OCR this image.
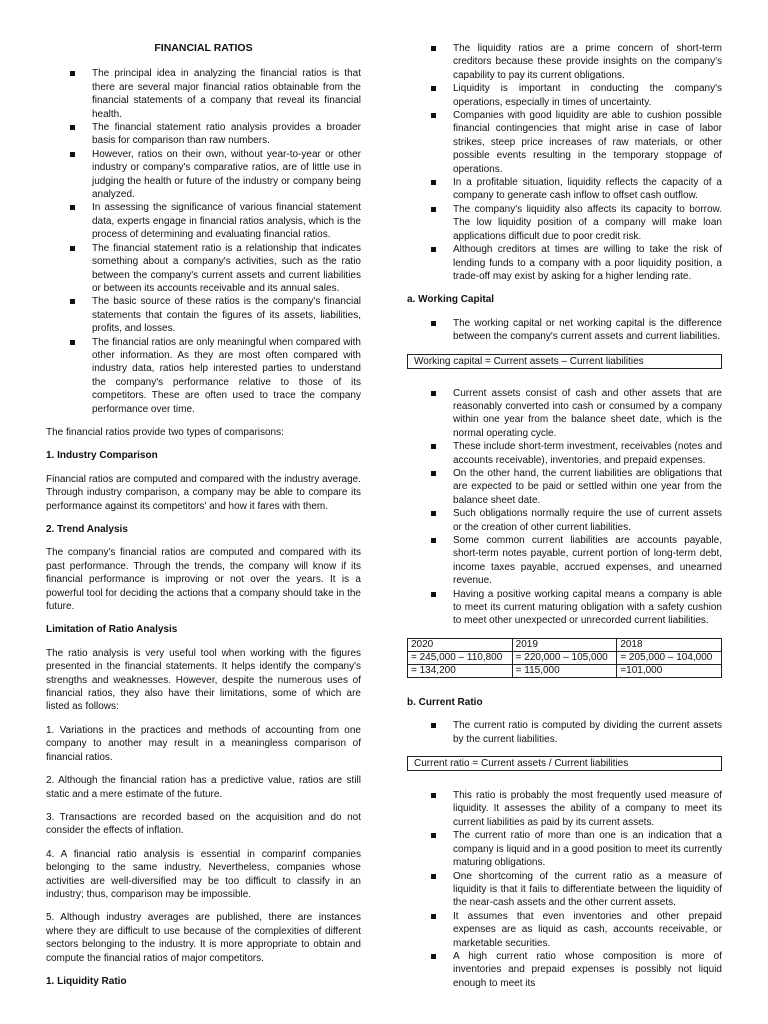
FINANCIAL RATIOS
The principal idea in analyzing the financial ratios is that there are several major financial ratios obtainable from the financial statements of a company that reveal its financial health.
The financial statement ratio analysis provides a broader basis for comparison than raw numbers.
However, ratios on their own, without year-to-year or other industry or company's comparative ratios, are of little use in judging the health or future of the industry or company being analyzed.
In assessing the significance of various financial statement data, experts engage in financial ratios analysis, which is the process of determining and evaluating financial ratios.
The financial statement ratio is a relationship that indicates something about a company's activities, such as the ratio between the company's current assets and current liabilities or between its accounts receivable and its annual sales.
The basic source of these ratios is the company's financial statements that contain the figures of its assets, liabilities, profits, and losses.
The financial ratios are only meaningful when compared with other information. As they are most often compared with industry data, ratios help interested parties to understand the company's performance relative to those of its competitors. These are often used to trace the company performance over time.

The financial ratios provide two types of comparisons:

1. Industry Comparison

Financial ratios are computed and compared with the industry average. Through industry comparison, a company may be able to compare its performance against its competitors' and how it fares with them.

2. Trend Analysis

The company's financial ratios are computed and compared with its past performance. Through the trends, the company will know if its financial performance is improving or not over the years. It is a powerful tool for deciding the actions that a company should take in the future.

Limitation of Ratio Analysis

The ratio analysis is very useful tool when working with the figures presented in the financial statements. It helps identify the company's strengths and weaknesses. However, despite the numerous uses of financial ratios, they also have their limitations, some of which are listed as follows:

1. Variations in the practices and methods of accounting from one company to another may result in a meaningless comparison of financial ratios.

2. Although the financial ration has a predictive value, ratios are still static and a mere estimate of the future.

3. Transactions are recorded based on the acquisition and do not consider the effects of inflation.

4. A financial ratio analysis is essential in comparinf companies belonging to the same industry. Nevertheless, companies whose activities are well-diversified may be too difficult to classify in an industry; thus, comparison may be impossible.

5. Although industry averages are published, there are instances where they are difficult to use because of the complexities of different sectors belonging to the industry. It is more appropriate to obtain and compute the financial ratios of major competitors.

1. Liquidity Ratio
The liquidity ratios are a prime concern of short-term creditors because these provide insights on the company's capability to pay its current obligations.
Liquidity is important in conducting the company's operations, especially in times of uncertainty.
Companies with good liquidity are able to cushion possible financial contingencies that might arise in case of labor strikes, steep price increases of raw materials, or other possible events resulting in the temporary stoppage of operations.
In a profitable situation, liquidity reflects the capacity of a company to generate cash inflow to offset cash outflow.
The company's liquidity also affects its capacity to borrow. The low liquidity position of a company will make loan applications difficult due to poor credit risk.
Although creditors at times are willing to take the risk of lending funds to a company with a poor liquidity position, a trade-off may exist by asking for a higher lending rate.
a. Working Capital
The working capital or net working capital is the difference between the company's current assets and current liabilities.
Working capital = Current assets – Current liabilities
Current assets consist of cash and other assets that are reasonably converted into cash or consumed by a company within one year from the balance sheet date, which is the normal operating cycle.
These include short-term investment, receivables (notes and accounts receivable), inventories, and prepaid expenses.
On the other hand, the current liabilities are obligations that are expected to be paid or settled within one year from the balance sheet date.
Such obligations normally require the use of current assets or the creation of other current liabilities.
Some common current liabilities are accounts payable, short-term notes payable, current portion of long-term debt, income taxes payable, accrued expenses, and unearned revenue.
Having a positive working capital means a company is able to meet its current maturing obligation with a safety cushion to meet other unexpected or unrecorded current liabilities.
2020	2019	2018
= 245,000 – 110,800	= 220,000 – 105,000	= 205,000 – 104,000
= 134,200	= 115,000	=101,000
b. Current Ratio
The current ratio is computed by dividing the current assets by the current liabilities.
Current ratio = Current assets / Current liabilities
This ratio is probably the most frequently used measure of liquidity. It assesses the ability of a company to meet its current liabilities as paid by its current assets.
The current ratio of more than one is an indication that a company is liquid and in a good position to meet its currently maturing obligations.
One shortcoming of the current ratio as a measure of liquidity is that it fails to differentiate between the liquidity of the near-cash assets and the other current assets.
It assumes that even inventories and other prepaid expenses are as liquid as cash, accounts receivable, or marketable securities.
A high current ratio whose composition is more of inventories and prepaid expenses is possibly not liquid enough to meet its
